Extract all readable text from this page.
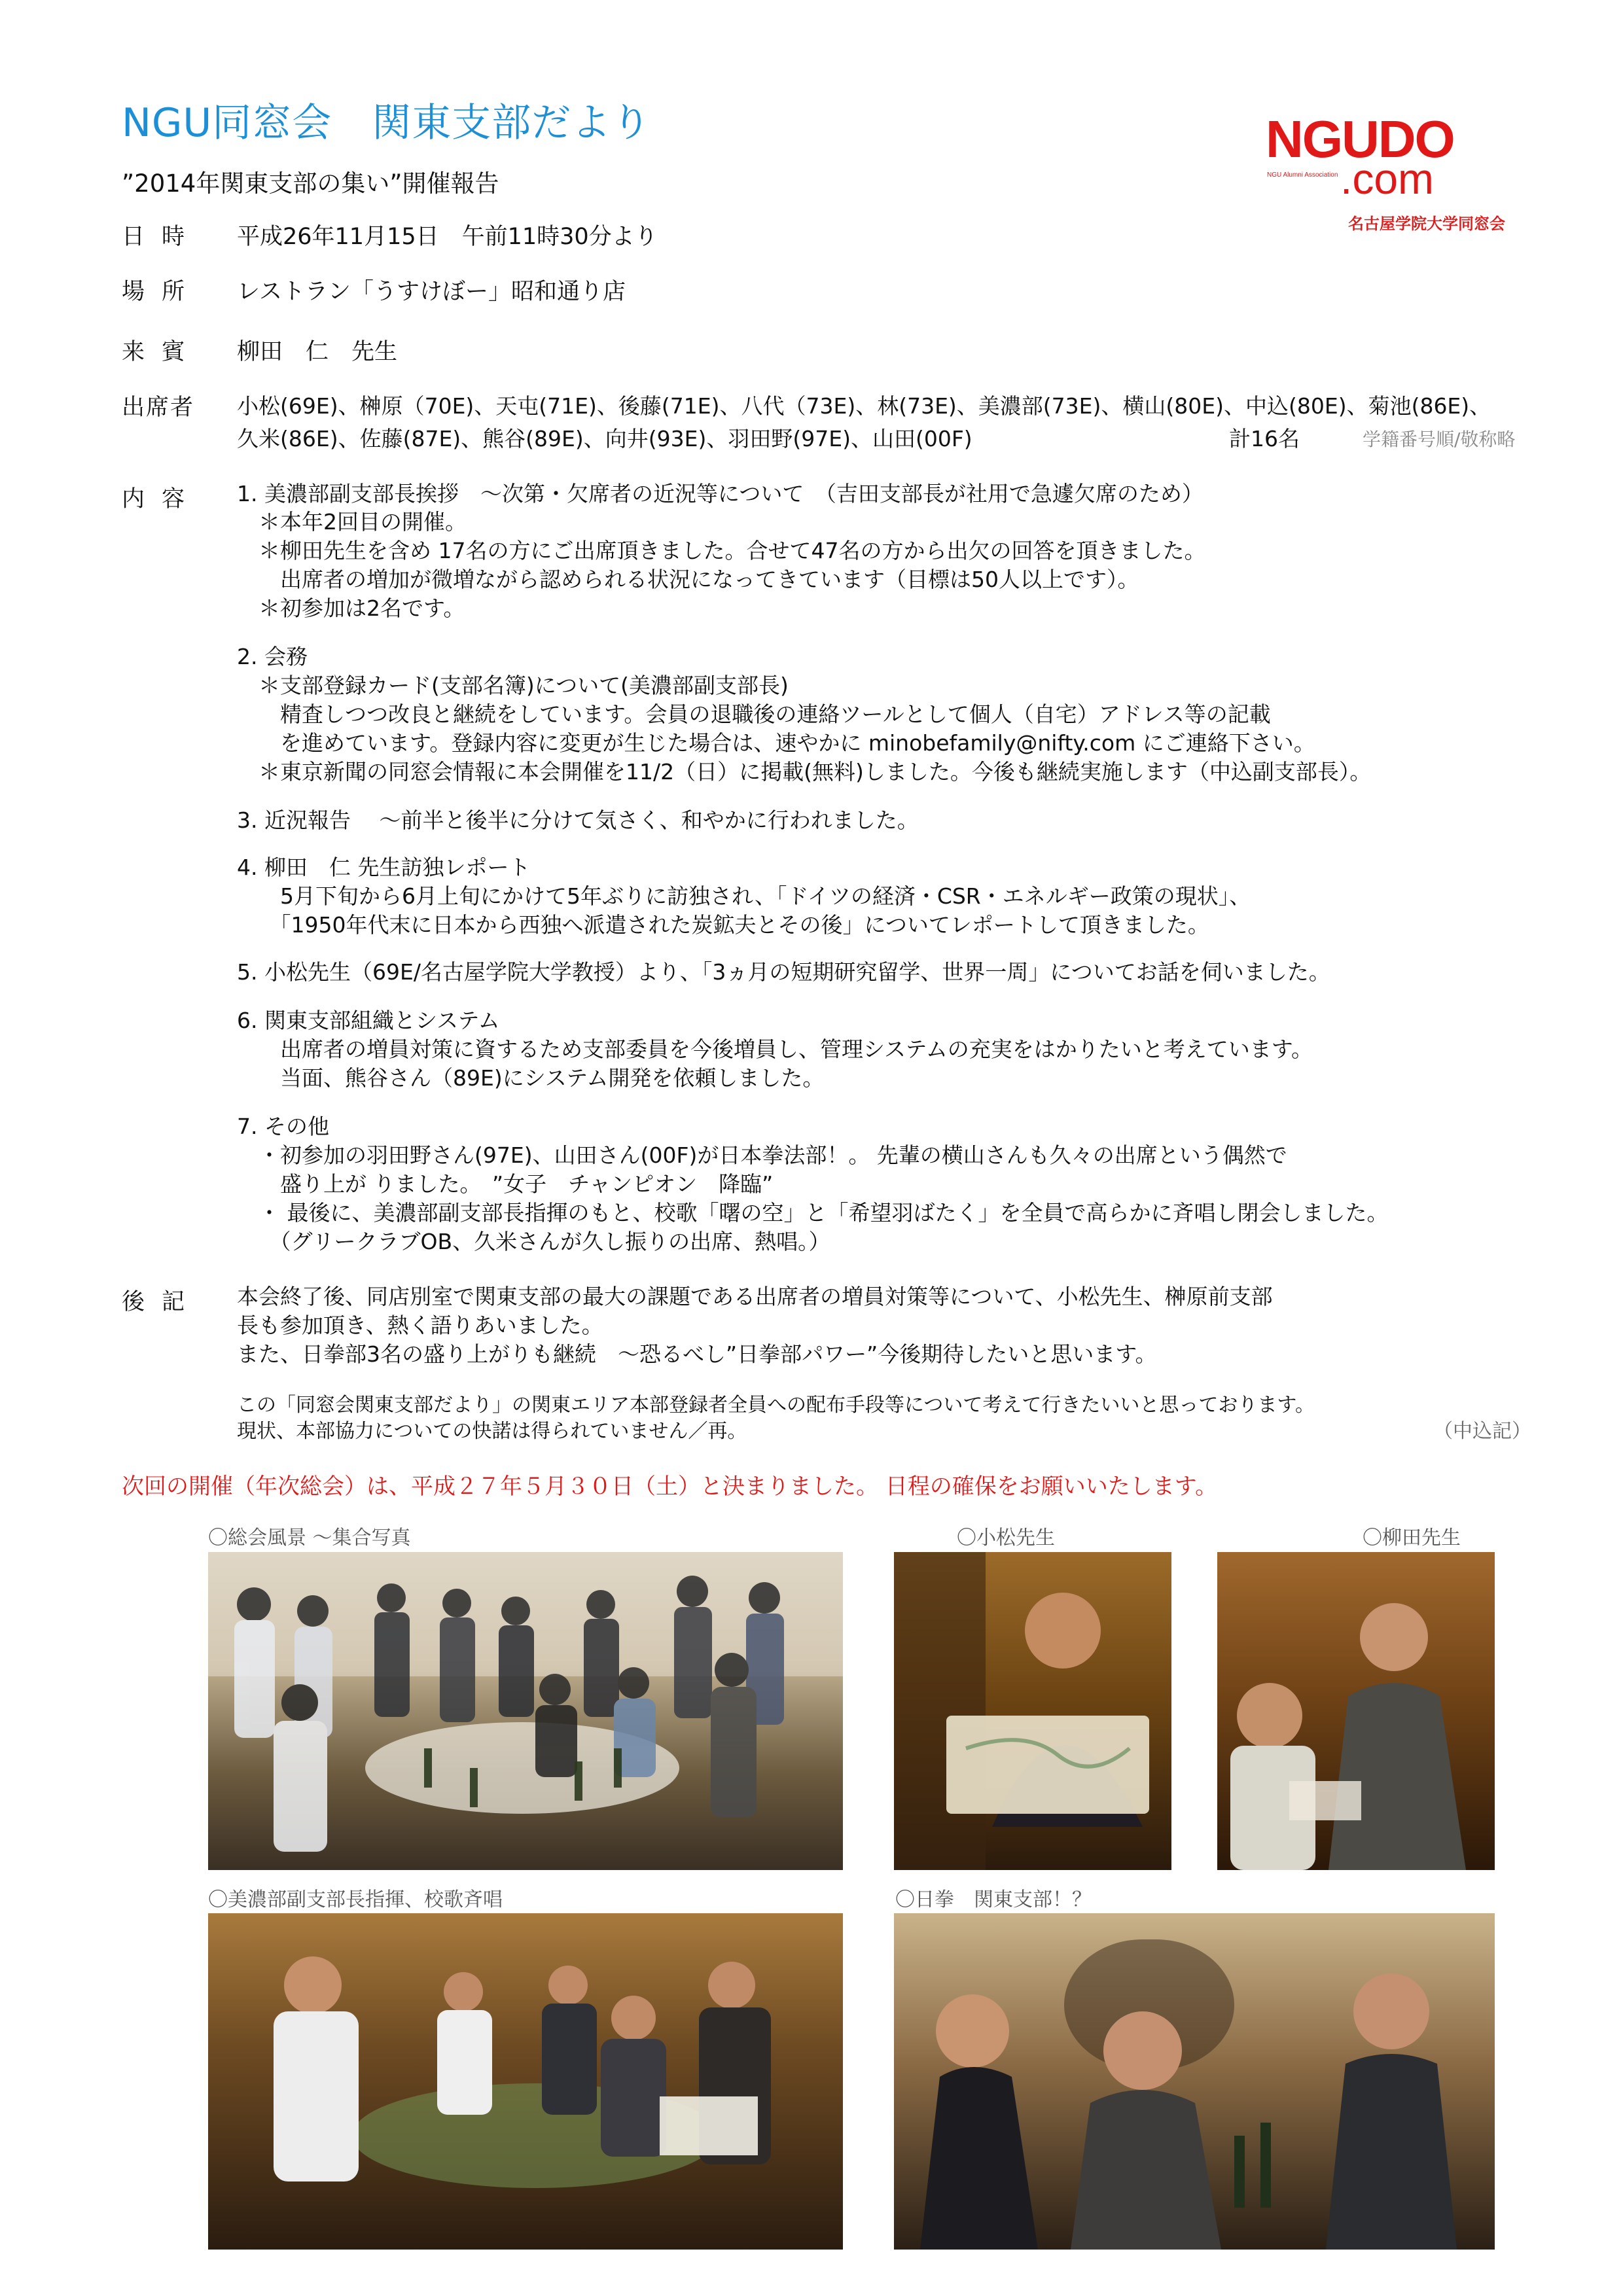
NGU同窓会　関東支部だより
”2014年関東支部の集い”開催報告
NGUDO
.com
NGU Alumni Association
名古屋学院大学同窓会
日時 平成26年11月15日　午前11時30分より
場所 レストラン「うすけぼー」昭和通り店
来賓 柳田　仁　先生
出席者 小松(69E)、榊原（70E)、天屯(71E)、後藤(71E)、八代（73E)、林(73E)、美濃部(73E)、横山(80E)、中込(80E)、菊池(86E)、
久米(86E)、佐藤(87E)、熊谷(89E)、向井(93E)、羽田野(97E)、山田(00F)	計16名	学籍番号順/敬称略
内容 1. 美濃部副支部長挨拶　～次第・欠席者の近況等について　（吉田支部長が社用で急遽欠席のため）
　＊本年2回目の開催。
　＊柳田先生を含め 17名の方にご出席頂きました。合せて47名の方から出欠の回答を頂きました。
　　出席者の増加が微増ながら認められる状況になってきています（目標は50人以上です）。
　＊初参加は2名です。
2. 会務
　＊支部登録カード(支部名簿)について(美濃部副支部長)
　　精査しつつ改良と継続をしています。会員の退職後の連絡ツールとして個人（自宅）アドレス等の記載
　　を進めています。登録内容に変更が生じた場合は、速やかに minobefamily@nifty.com にご連絡下さい。
　＊東京新聞の同窓会情報に本会開催を11/2（日）に掲載(無料)しました。今後も継続実施します（中込副支部長）。
3. 近況報告　 ～前半と後半に分けて気さく、和やかに行われました。
4. 柳田　仁 先生訪独レポート
　　5月下旬から6月上旬にかけて5年ぶりに訪独され、「ドイツの経済・CSR・エネルギー政策の現状」、
　　「1950年代末に日本から西独へ派遣された炭鉱夫とその後」についてレポートして頂きました。
5. 小松先生（69E/名古屋学院大学教授）より、「3ヵ月の短期研究留学、世界一周」についてお話を伺いました。
6. 関東支部組織とシステム
　　出席者の増員対策に資するため支部委員を今後増員し、管理システムの充実をはかりたいと考えています。
　　当面、熊谷さん（89E)にシステム開発を依頼しました。
7. その他
　・初参加の羽田野さん(97E)、山田さん(00F)が日本拳法部！。 先輩の横山さんも久々の出席という偶然で
　　盛り上が りました。　”女子　チャンピオン　降臨”
　・ 最後に、美濃部副支部長指揮のもと、校歌「曙の空」と「希望羽ばたく」を全員で高らかに斉唱し閉会しました。
　　（グリークラブOB、久米さんが久し振りの出席、熱唱。）
後記 本会終了後、同店別室で関東支部の最大の課題である出席者の増員対策等について、小松先生、榊原前支部
長も参加頂き、熱く語りあいました。
また、日拳部3名の盛り上がりも継続　～恐るべし”日拳部パワー”今後期待したいと思います。
この「同窓会関東支部だより」の関東エリア本部登録者全員への配布手段等について考えて行きたいいと思っております。
現状、本部協力についての快諾は得られていません／再。	（中込記）
次回の開催（年次総会）は、平成２７年５月３０日（土）と決まりました。 日程の確保をお願いいたします。
〇総会風景 ～集合写真	〇小松先生	〇柳田先生
〇美濃部副支部長指揮、校歌斉唱	〇日拳　関東支部！？
